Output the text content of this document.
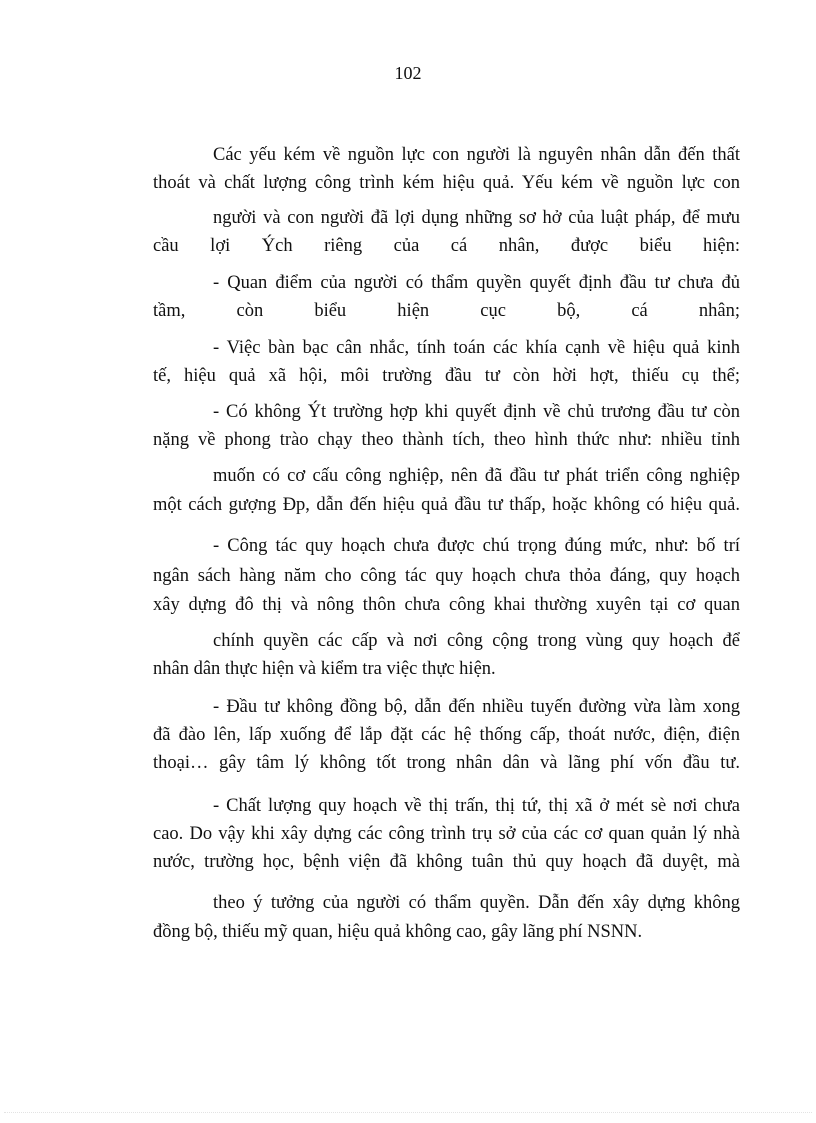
102
Các yếu kém về nguồn lực con người là nguyên nhân dẫn đến thất
thoát và chất lượng công trình kém hiệu quả. Yếu kém về nguồn lực con
người và con người đã lợi dụng những sơ hở của luật pháp, để mưu
cầu lợi Ých riêng của cá nhân, được biểu hiện:
- Quan điểm của người có thẩm quyền quyết định đầu tư chưa đủ
tầm, còn biểu hiện cục bộ, cá nhân;
- Việc bàn bạc cân nhắc, tính toán các khía cạnh về hiệu quả kinh
tế, hiệu quả xã hội, môi trường đầu tư còn hời hợt, thiếu cụ thể;
- Có không Ýt trường hợp khi quyết định về chủ trương đầu tư còn
nặng về phong trào chạy theo thành tích, theo hình thức như: nhiều tỉnh
muốn có cơ cấu công nghiệp, nên đã đầu tư phát triển công nghiệp
một cách gượng Ðp, dẫn đến hiệu quả đầu tư thấp, hoặc không có hiệu quả.
- Công tác quy hoạch chưa được chú trọng đúng mức, như: bố trí
ngân sách hàng năm cho công tác quy hoạch chưa thỏa đáng, quy hoạch
xây dựng đô thị và nông thôn chưa công khai thường xuyên tại cơ quan
chính quyền các cấp và nơi công cộng trong vùng quy hoạch để
nhân dân thực hiện và kiểm tra việc thực hiện.
- Đầu tư không đồng bộ, dẫn đến nhiều tuyến đường vừa làm xong
đã đào lên, lấp xuống để lắp đặt các hệ thống cấp, thoát nước, điện, điện
thoại… gây tâm lý không tốt trong nhân dân và lãng phí vốn đầu tư.
- Chất lượng quy hoạch về thị trấn, thị tứ, thị xã ở mét sè nơi chưa
cao. Do vậy khi xây dựng các công trình trụ sở của các cơ quan quản lý nhà
nước, trường học, bệnh viện đã không tuân thủ quy hoạch đã duyệt, mà
theo ý tưởng của người có thẩm quyền. Dẫn đến xây dựng không
đồng bộ, thiếu mỹ quan, hiệu quả không cao, gây lãng phí NSNN.
